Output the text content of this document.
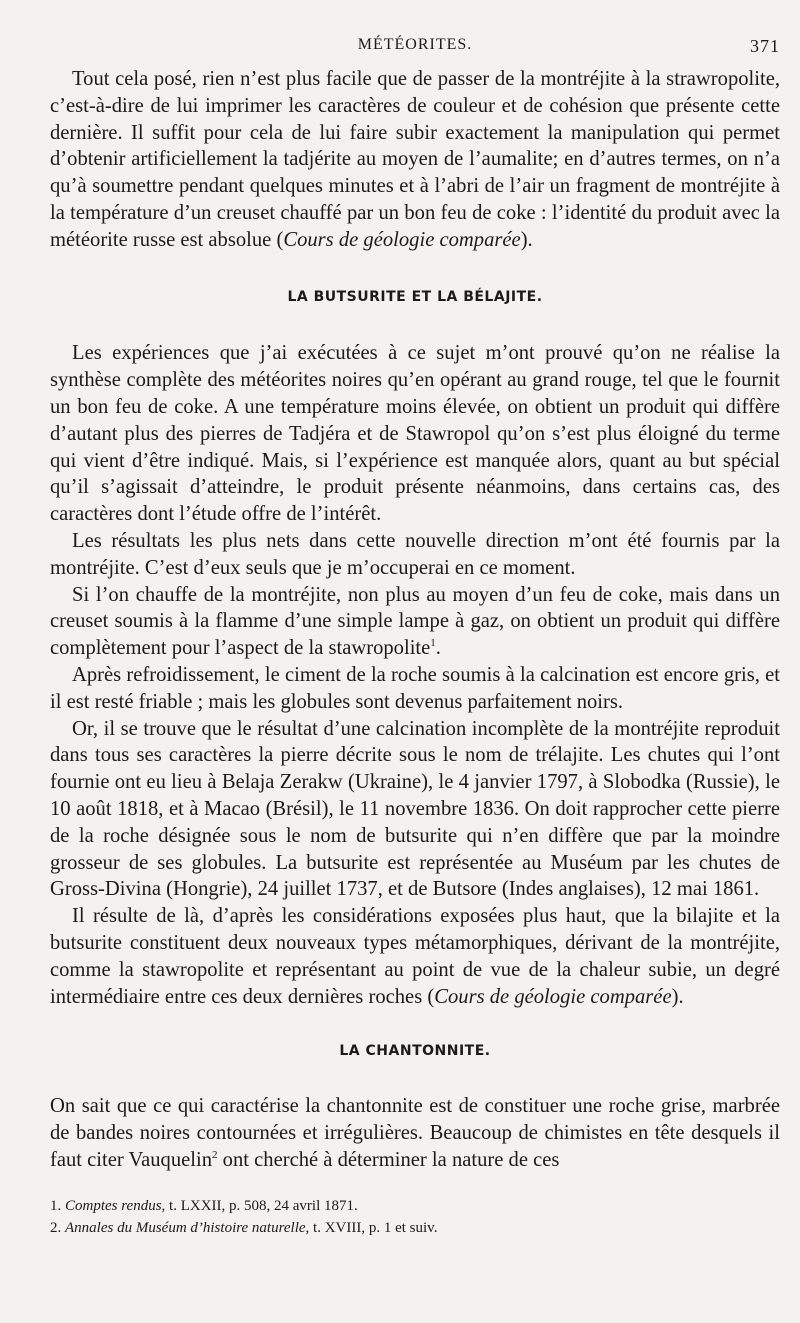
MÉTÉORITES.	371

Tout cela posé, rien n’est plus facile que de passer de la montréjite à la strawropolite, c’est-à-dire de lui imprimer les caractères de couleur et de cohésion que présente cette dernière. Il suffit pour cela de lui faire subir exactement la manipulation qui permet d’obtenir artificiellement la tadjérite au moyen de l’aumalite; en d’autres termes, on n’a qu’à soumettre pendant quelques minutes et à l’abri de l’air un fragment de montréjite à la température d’un creuset chauffé par un bon feu de coke : l’identité du produit avec la météorite russe est absolue (Cours de géologie comparée).

LA BUTSURITE ET LA BÉLAJITE.

Les expériences que j’ai exécutées à ce sujet m’ont prouvé qu’on ne réalise la synthèse complète des météorites noires qu’en opérant au grand rouge, tel que le fournit un bon feu de coke. A une température moins élevée, on obtient un produit qui diffère d’autant plus des pierres de Tadjéra et de Stawropol qu’on s’est plus éloigné du terme qui vient d’être indiqué. Mais, si l’expérience est manquée alors, quant au but spécial qu’il s’agissait d’atteindre, le produit présente néanmoins, dans certains cas, des caractères dont l’étude offre de l’intérêt.

Les résultats les plus nets dans cette nouvelle direction m’ont été fournis par la montréjite. C’est d’eux seuls que je m’occuperai en ce moment.

Si l’on chauffe de la montréjite, non plus au moyen d’un feu de coke, mais dans un creuset soumis à la flamme d’une simple lampe à gaz, on obtient un produit qui diffère complètement pour l’aspect de la stawropolite$^1$.

Après refroidissement, le ciment de la roche soumis à la calcination est encore gris, et il est resté friable ; mais les globules sont devenus parfaitement noirs.

Or, il se trouve que le résultat d’une calcination incomplète de la montréjite reproduit dans tous ses caractères la pierre décrite sous le nom de trélajite. Les chutes qui l’ont fournie ont eu lieu à Belaja Zerakw (Ukraine), le 4 janvier 1797, à Slobodka (Russie), le 10 août 1818, et à Macao (Brésil), le 11 novembre 1836. On doit rapprocher cette pierre de la roche désignée sous le nom de butsurite qui n’en diffère que par la moindre grosseur de ses globules. La butsurite est représentée au Muséum par les chutes de Gross-Divina (Hongrie), 24 juillet 1737, et de Butsore (Indes anglaises), 12 mai 1861.

Il résulte de là, d’après les considérations exposées plus haut, que la bilajite et la butsurite constituent deux nouveaux types métamorphiques, dérivant de la montréjite, comme la stawropolite et représentant au point de vue de la chaleur subie, un degré intermédiaire entre ces deux dernières roches (Cours de géologie comparée).

LA CHANTONNITE.

On sait que ce qui caractérise la chantonnite est de constituer une roche grise, marbrée de bandes noires contournées et irrégulières. Beaucoup de chimistes en tête desquels il faut citer Vauquelin$^2$ ont cherché à déterminer la nature de ces

1. Comptes rendus, t. LXXII, p. 508, 24 avril 1871.
2. Annales du Muséum d’histoire naturelle, t. XVIII, p. 1 et suiv.
